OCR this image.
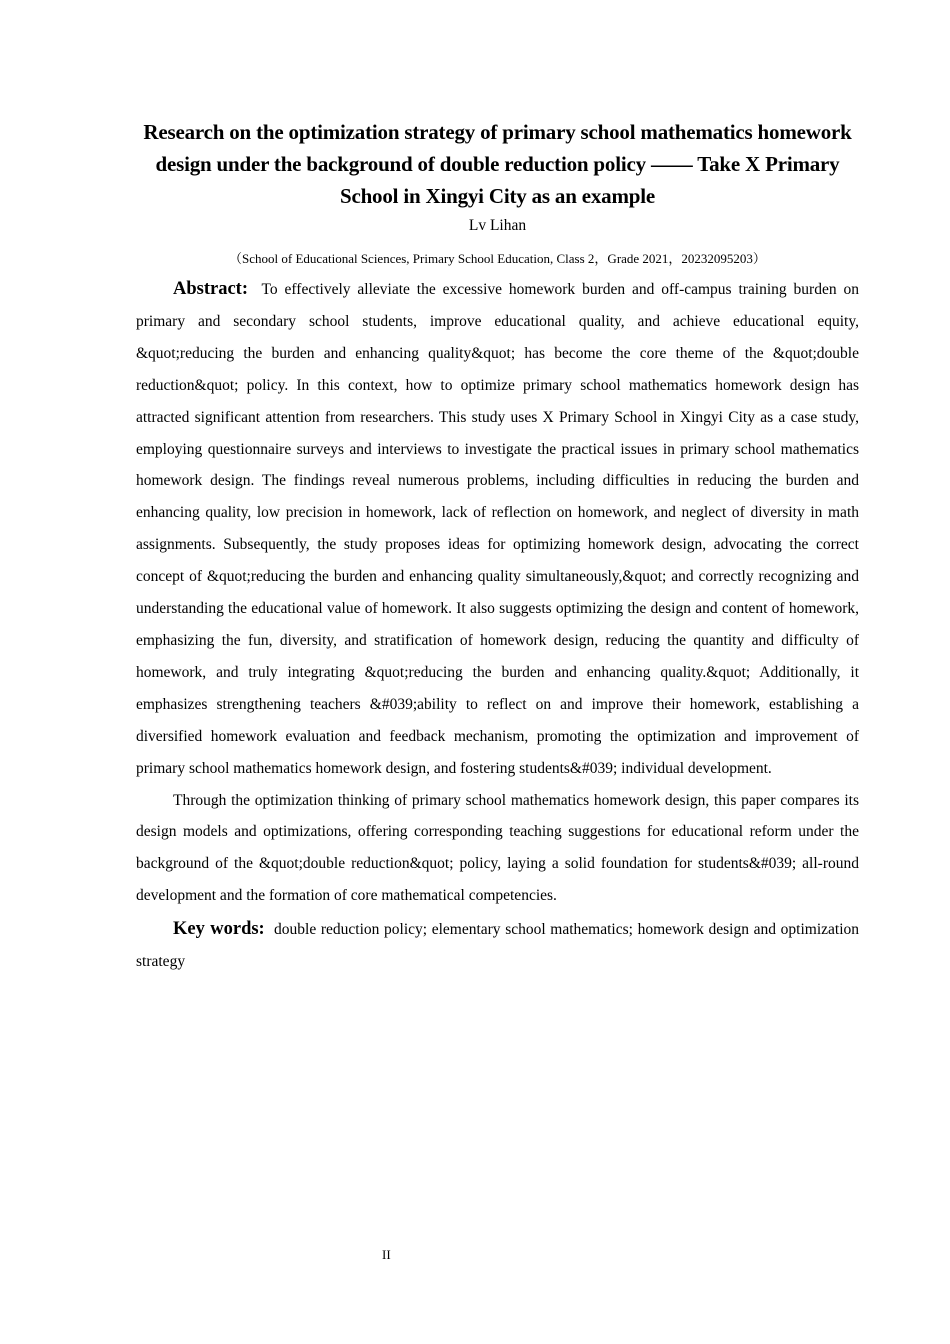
Research on the optimization strategy of primary school mathematics homework design under the background of double reduction policy —— Take X Primary School in Xingyi City as an example
Lv Lihan
（School of Educational Sciences, Primary School Education, Class 2，Grade 2021，20232095203）

Abstract: To effectively alleviate the excessive homework burden and off-campus training burden on primary and secondary school students, improve educational quality, and achieve educational equity, &quot;reducing the burden and enhancing quality&quot; has become the core theme of the &quot;double reduction&quot; policy. In this context, how to optimize primary school mathematics homework design has attracted significant attention from researchers. This study uses X Primary School in Xingyi City as a case study, employing questionnaire surveys and interviews to investigate the practical issues in primary school mathematics homework design. The findings reveal numerous problems, including difficulties in reducing the burden and enhancing quality, low precision in homework, lack of reflection on homework, and neglect of diversity in math assignments. Subsequently, the study proposes ideas for optimizing homework design, advocating the correct concept of &quot;reducing the burden and enhancing quality simultaneously,&quot; and correctly recognizing and understanding the educational value of homework. It also suggests optimizing the design and content of homework, emphasizing the fun, diversity, and stratification of homework design, reducing the quantity and difficulty of homework, and truly integrating &quot;reducing the burden and enhancing quality.&quot; Additionally, it emphasizes strengthening teachers &#039;ability to reflect on and improve their homework, establishing a diversified homework evaluation and feedback mechanism, promoting the optimization and improvement of primary school mathematics homework design, and fostering students&#039; individual development.

Through the optimization thinking of primary school mathematics homework design, this paper compares its design models and optimizations, offering corresponding teaching suggestions for educational reform under the background of the &quot;double reduction&quot; policy, laying a solid foundation for students&#039; all-round development and the formation of core mathematical competencies.

Key words: double reduction policy; elementary school mathematics; homework design and optimization strategy
II
